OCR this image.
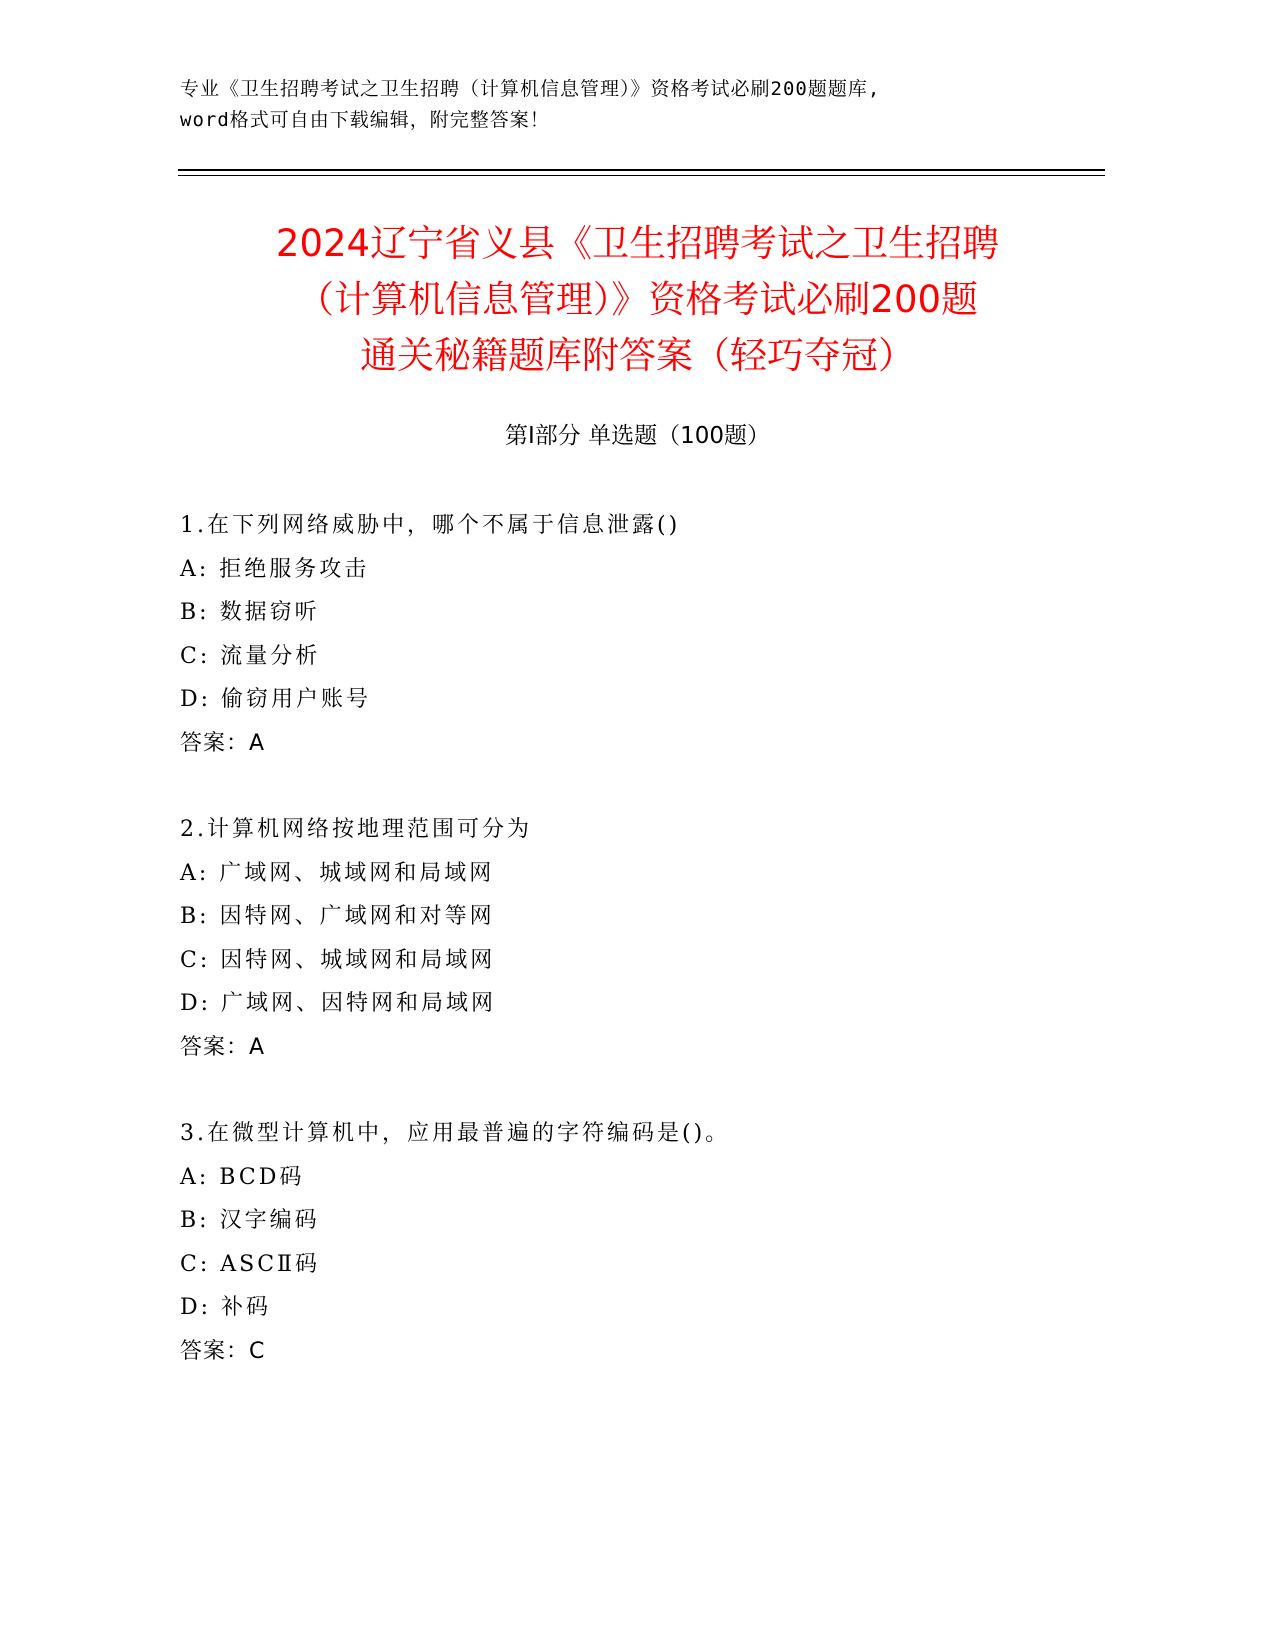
专业《卫生招聘考试之卫生招聘（计算机信息管理）》资格考试必刷200题题库,
word格式可自由下载编辑，附完整答案！
2024辽宁省义县《卫生招聘考试之卫生招聘
（计算机信息管理）》资格考试必刷200题
通关秘籍题库附答案（轻巧夺冠）
第Ⅰ部分 单选题（100题）
1.在下列网络威胁中，哪个不属于信息泄露()
A: 拒绝服务攻击
B: 数据窃听
C: 流量分析
D: 偷窃用户账号
答案：A
2.计算机网络按地理范围可分为
A: 广域网、城域网和局域网
B: 因特网、广域网和对等网
C: 因特网、城域网和局域网
D: 广域网、因特网和局域网
答案：A
3.在微型计算机中，应用最普遍的字符编码是()。
A: BCD码
B: 汉字编码
C: ASCⅡ码
D: 补码
答案：C
